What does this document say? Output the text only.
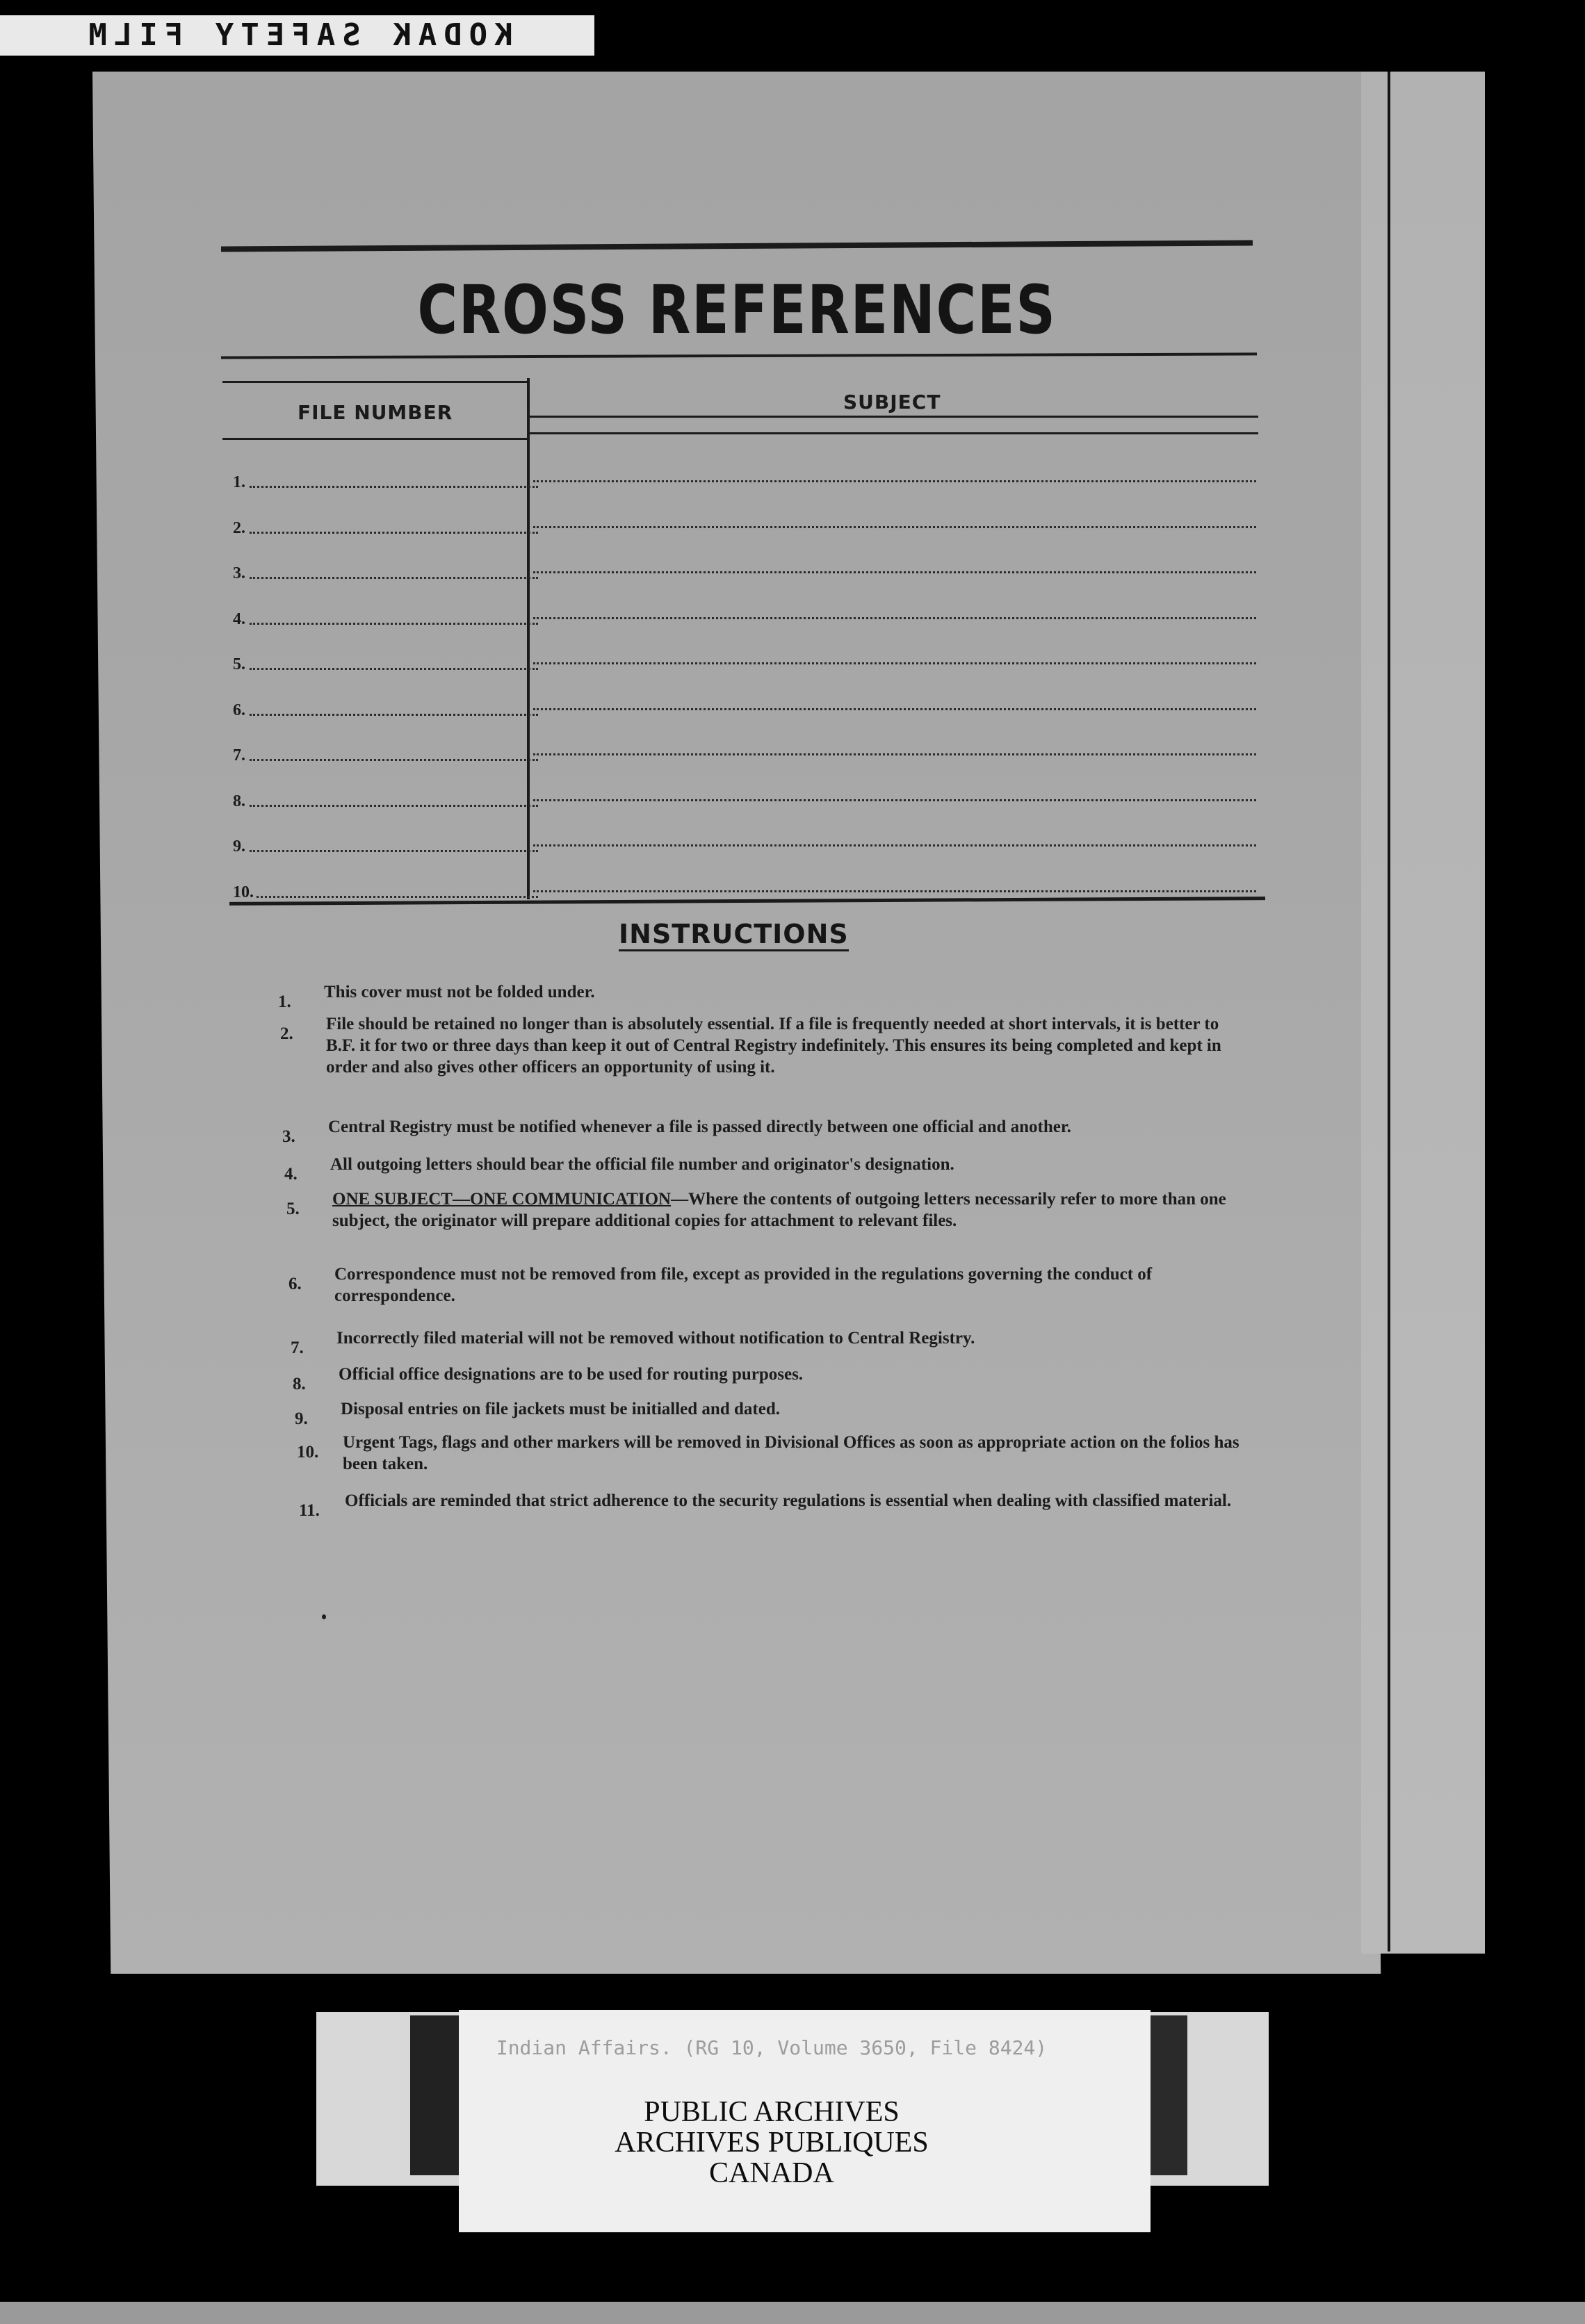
KODAK SAFETY FILM
CROSS REFERENCES
FILE NUMBER	SUBJECT
1.
2.
3.
4.
5.
6.
7.
8.
9.
10.
INSTRUCTIONS
1.
This cover must not be folded under.
2.
File should be retained no longer than is absolutely essential. If a file is frequently needed at short intervals, it is better to B.F. it for two or three days than keep it out of Central Registry indefinitely. This ensures its being completed and kept in order and also gives other officers an opportunity of using it.
3.
Central Registry must be notified whenever a file is passed directly between one official and another.
4.
All outgoing letters should bear the official file number and originator's designation.
5.
ONE SUBJECT—ONE COMMUNICATION—Where the contents of outgoing letters necessarily refer to more than one subject, the originator will prepare additional copies for attachment to relevant files.
6.
Correspondence must not be removed from file, except as provided in the regulations governing the conduct of correspondence.
7.
Incorrectly filed material will not be removed without notification to Central Registry.
8.
Official office designations are to be used for routing purposes.
9.
Disposal entries on file jackets must be initialled and dated.
10.
Urgent Tags, flags and other markers will be removed in Divisional Offices as soon as appropriate action on the folios has been taken.
11.
Officials are reminded that strict adherence to the security regulations is essential when dealing with classified material.
Indian Affairs. (RG 10, Volume 3650, File 8424)
PUBLIC ARCHIVES
ARCHIVES PUBLIQUES
CANADA
